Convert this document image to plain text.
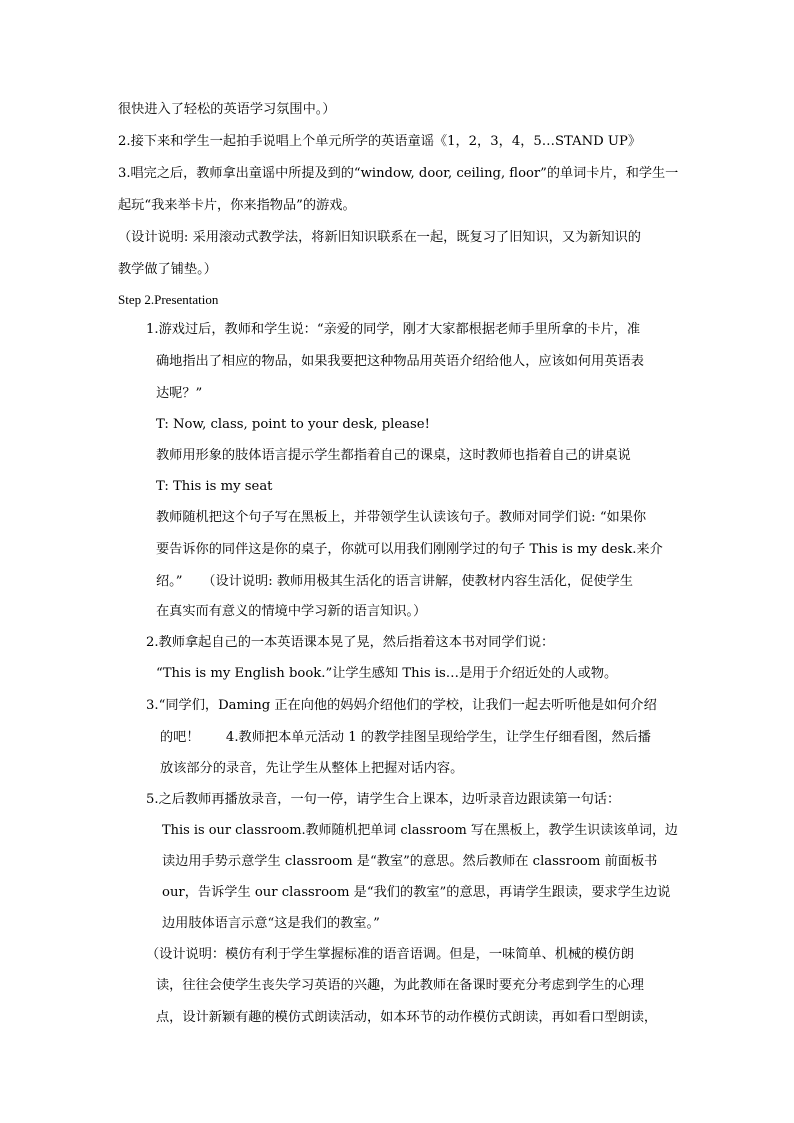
很快进入了轻松的英语学习氛围中。）
2.接下来和学生一起拍手说唱上个单元所学的英语童谣《1，2，3，4，5…STAND UP》
3.唱完之后，教师拿出童谣中所提及到的“window, door, ceiling, floor”的单词卡片，和学生一
起玩“我来举卡片，你来指物品”的游戏。
（设计说明: 采用滚动式教学法，将新旧知识联系在一起，既复习了旧知识，又为新知识的
教学做了铺垫。）
Step 2.Presentation
1.游戏过后，教师和学生说：“亲爱的同学，刚才大家都根据老师手里所拿的卡片，准
确地指出了相应的物品，如果我要把这种物品用英语介绍给他人，应该如何用英语表
达呢？”
T: Now, class, point to your desk, please!
教师用形象的肢体语言提示学生都指着自己的课桌，这时教师也指着自己的讲桌说
T: This is my seat
教师随机把这个句子写在黑板上，并带领学生认读该句子。教师对同学们说: “如果你
要告诉你的同伴这是你的桌子，你就可以用我们刚刚学过的句子 This is my desk.来介
绍。”　　（设计说明: 教师用极其生活化的语言讲解，使教材内容生活化，促使学生
在真实而有意义的情境中学习新的语言知识。）
2.教师拿起自己的一本英语课本晃了晃，然后指着这本书对同学们说：
“This is my English book.”让学生感知 This is…是用于介绍近处的人或物。
3.“同学们，Daming 正在向他的妈妈介绍他们的学校，让我们一起去听听他是如何介绍
的吧！　　4.教师把本单元活动 1 的教学挂图呈现给学生，让学生仔细看图，然后播
放该部分的录音，先让学生从整体上把握对话内容。
5.之后教师再播放录音，一句一停，请学生合上课本，边听录音边跟读第一句话：
This is our classroom.教师随机把单词 classroom 写在黑板上，教学生识读该单词，边
读边用手势示意学生 classroom 是“教室”的意思。然后教师在 classroom 前面板书
our，告诉学生 our classroom 是“我们的教室”的意思，再请学生跟读，要求学生边说
边用肢体语言示意“这是我们的教室。”
（设计说明：模仿有利于学生掌握标准的语音语调。但是，一味简单、机械的模仿朗
读，往往会使学生丧失学习英语的兴趣，为此教师在备课时要充分考虑到学生的心理
点，设计新颖有趣的模仿式朗读活动，如本环节的动作模仿式朗读，再如看口型朗读，
